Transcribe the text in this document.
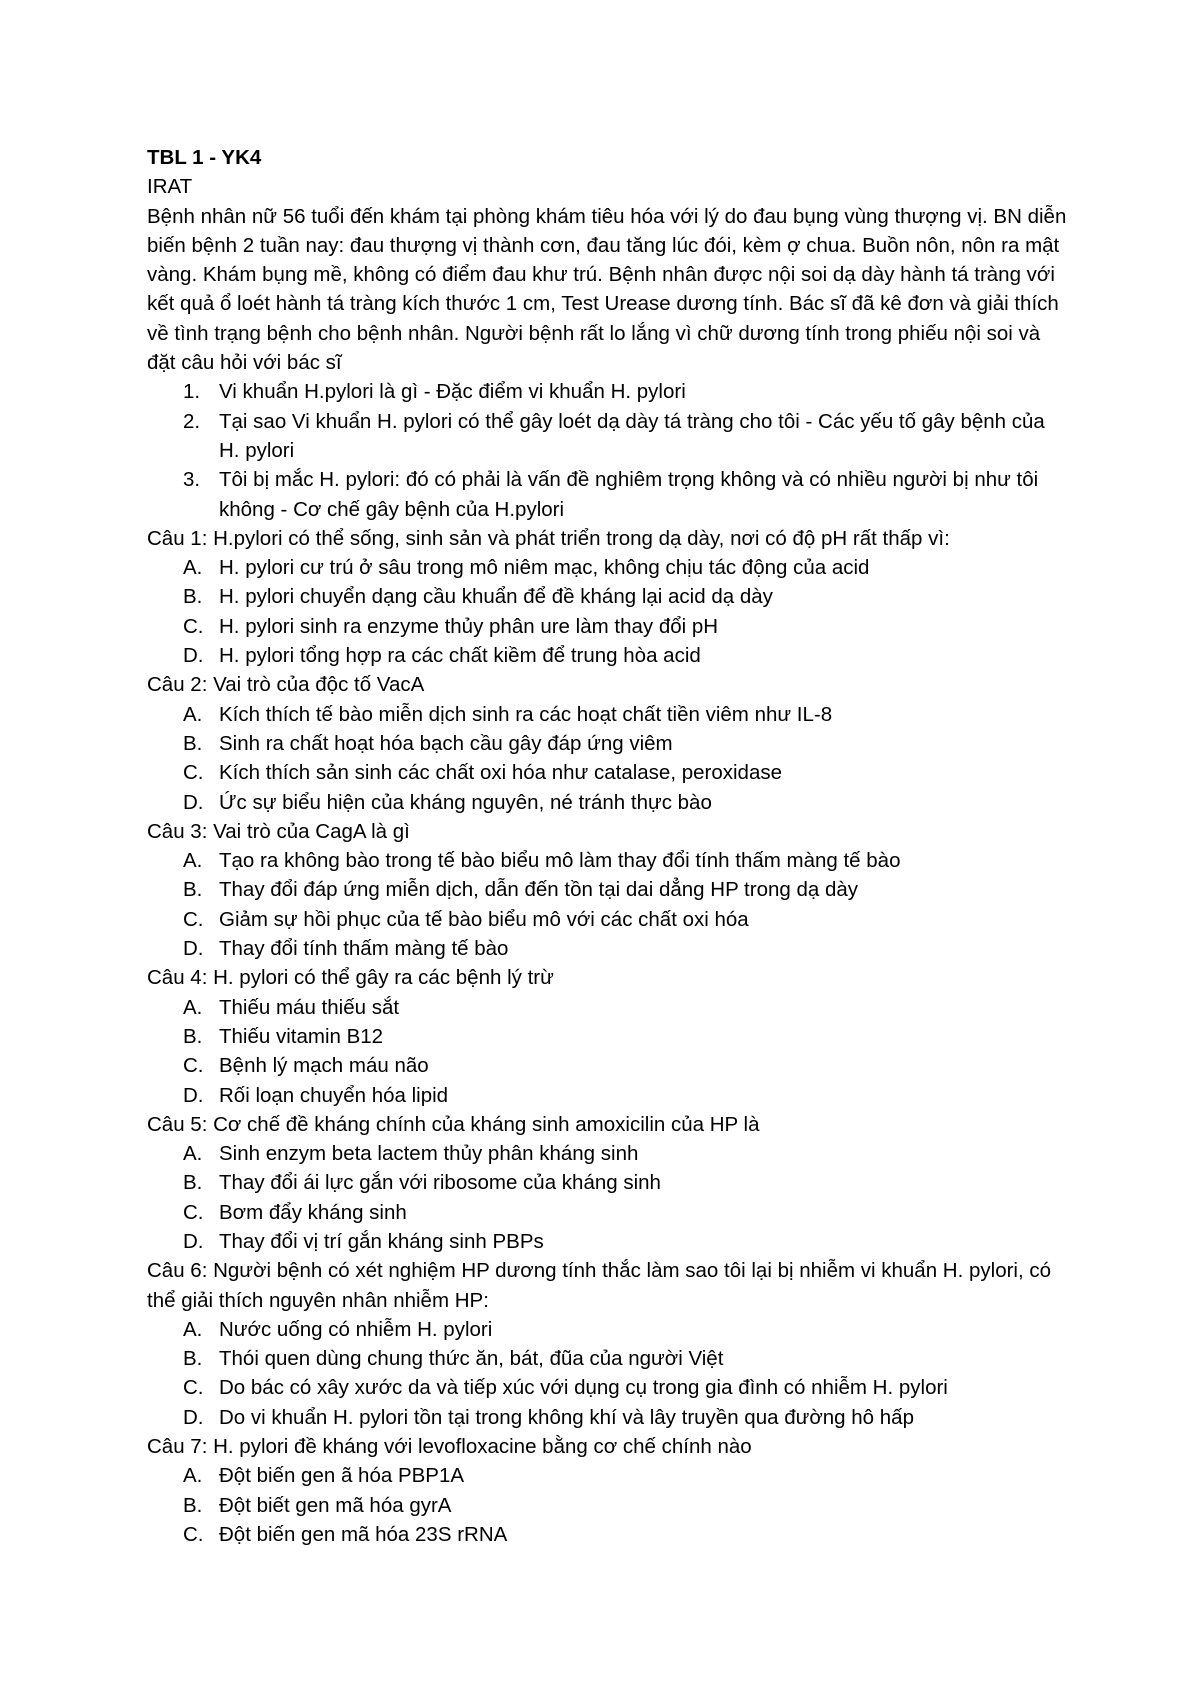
TBL 1 - YK4
IRAT
Bệnh nhân nữ 56 tuổi đến khám tại phòng khám tiêu hóa với lý do đau bụng vùng thượng vị. BN diễn biến bệnh 2 tuần nay: đau thượng vị thành cơn, đau tăng lúc đói, kèm ợ chua. Buồn nôn, nôn ra mật vàng. Khám bụng mề, không có điểm đau khư trú. Bệnh nhân được nội soi dạ dày hành tá tràng với kết quả ổ loét hành tá tràng kích thước 1 cm, Test Urease dương tính. Bác sĩ đã kê đơn và giải thích về tình trạng bệnh cho bệnh nhân. Người bệnh rất lo lắng vì chữ dương tính trong phiếu nội soi và đặt câu hỏi với bác sĩ
1. Vi khuẩn H.pylori là gì - Đặc điểm vi khuẩn H. pylori
2. Tại sao Vi khuẩn H. pylori có thể gây loét dạ dày tá tràng cho tôi - Các yếu tố gây bệnh của H. pylori
3. Tôi bị mắc H. pylori: đó có phải là vấn đề nghiêm trọng không và có nhiều người bị như tôi không - Cơ chế gây bệnh của H.pylori
Câu 1: H.pylori có thể sống, sinh sản và phát triển trong dạ dày, nơi có độ pH rất thấp vì:
A. H. pylori cư trú ở sâu trong mô niêm mạc, không chịu tác động của acid
B. H. pylori chuyển dạng cầu khuẩn để đề kháng lại acid dạ dày
C. H. pylori sinh ra enzyme thủy phân ure làm thay đổi pH
D. H. pylori tổng hợp ra các chất kiềm để trung hòa acid
Câu 2: Vai trò của độc tố VacA
A. Kích thích tế bào miễn dịch sinh ra các hoạt chất tiền viêm như IL-8
B. Sinh ra chất hoạt hóa bạch cầu gây đáp ứng viêm
C. Kích thích sản sinh các chất oxi hóa như catalase, peroxidase
D. Ức sự biểu hiện của kháng nguyên, né tránh thực bào
Câu 3: Vai trò của CagA là gì
A. Tạo ra không bào trong tế bào biểu mô làm thay đổi tính thấm màng tế bào
B. Thay đổi đáp ứng miễn dịch, dẫn đến tồn tại dai dẳng HP trong dạ dày
C. Giảm sự hồi phục của tế bào biểu mô với các chất oxi hóa
D. Thay đổi tính thấm màng tế bào
Câu 4: H. pylori có thể gây ra các bệnh lý trừ
A. Thiếu máu thiếu sắt
B. Thiếu vitamin B12
C. Bệnh lý mạch máu não
D. Rối loạn chuyển hóa lipid
Câu 5: Cơ chế đề kháng chính của kháng sinh amoxicilin của HP là
A. Sinh enzym beta lactem thủy phân kháng sinh
B. Thay đổi ái lực gắn với ribosome của kháng sinh
C. Bơm đẩy kháng sinh
D. Thay đổi vị trí gắn kháng sinh PBPs
Câu 6: Người bệnh có xét nghiệm HP dương tính thắc làm sao tôi lại bị nhiễm vi khuẩn H. pylori, có thể giải thích nguyên nhân nhiễm HP:
A. Nước uống có nhiễm H. pylori
B. Thói quen dùng chung thức ăn, bát, đũa của người Việt
C. Do bác có xây xước da và tiếp xúc với dụng cụ trong gia đình có nhiễm H. pylori
D. Do vi khuẩn H. pylori tồn tại trong không khí và lây truyền qua đường hô hấp
Câu 7: H. pylori đề kháng với levofloxacine bằng cơ chế chính nào
A. Đột biến gen ã hóa PBP1A
B. Đột biết gen mã hóa gyrA
C. Đột biến gen mã hóa 23S rRNA
